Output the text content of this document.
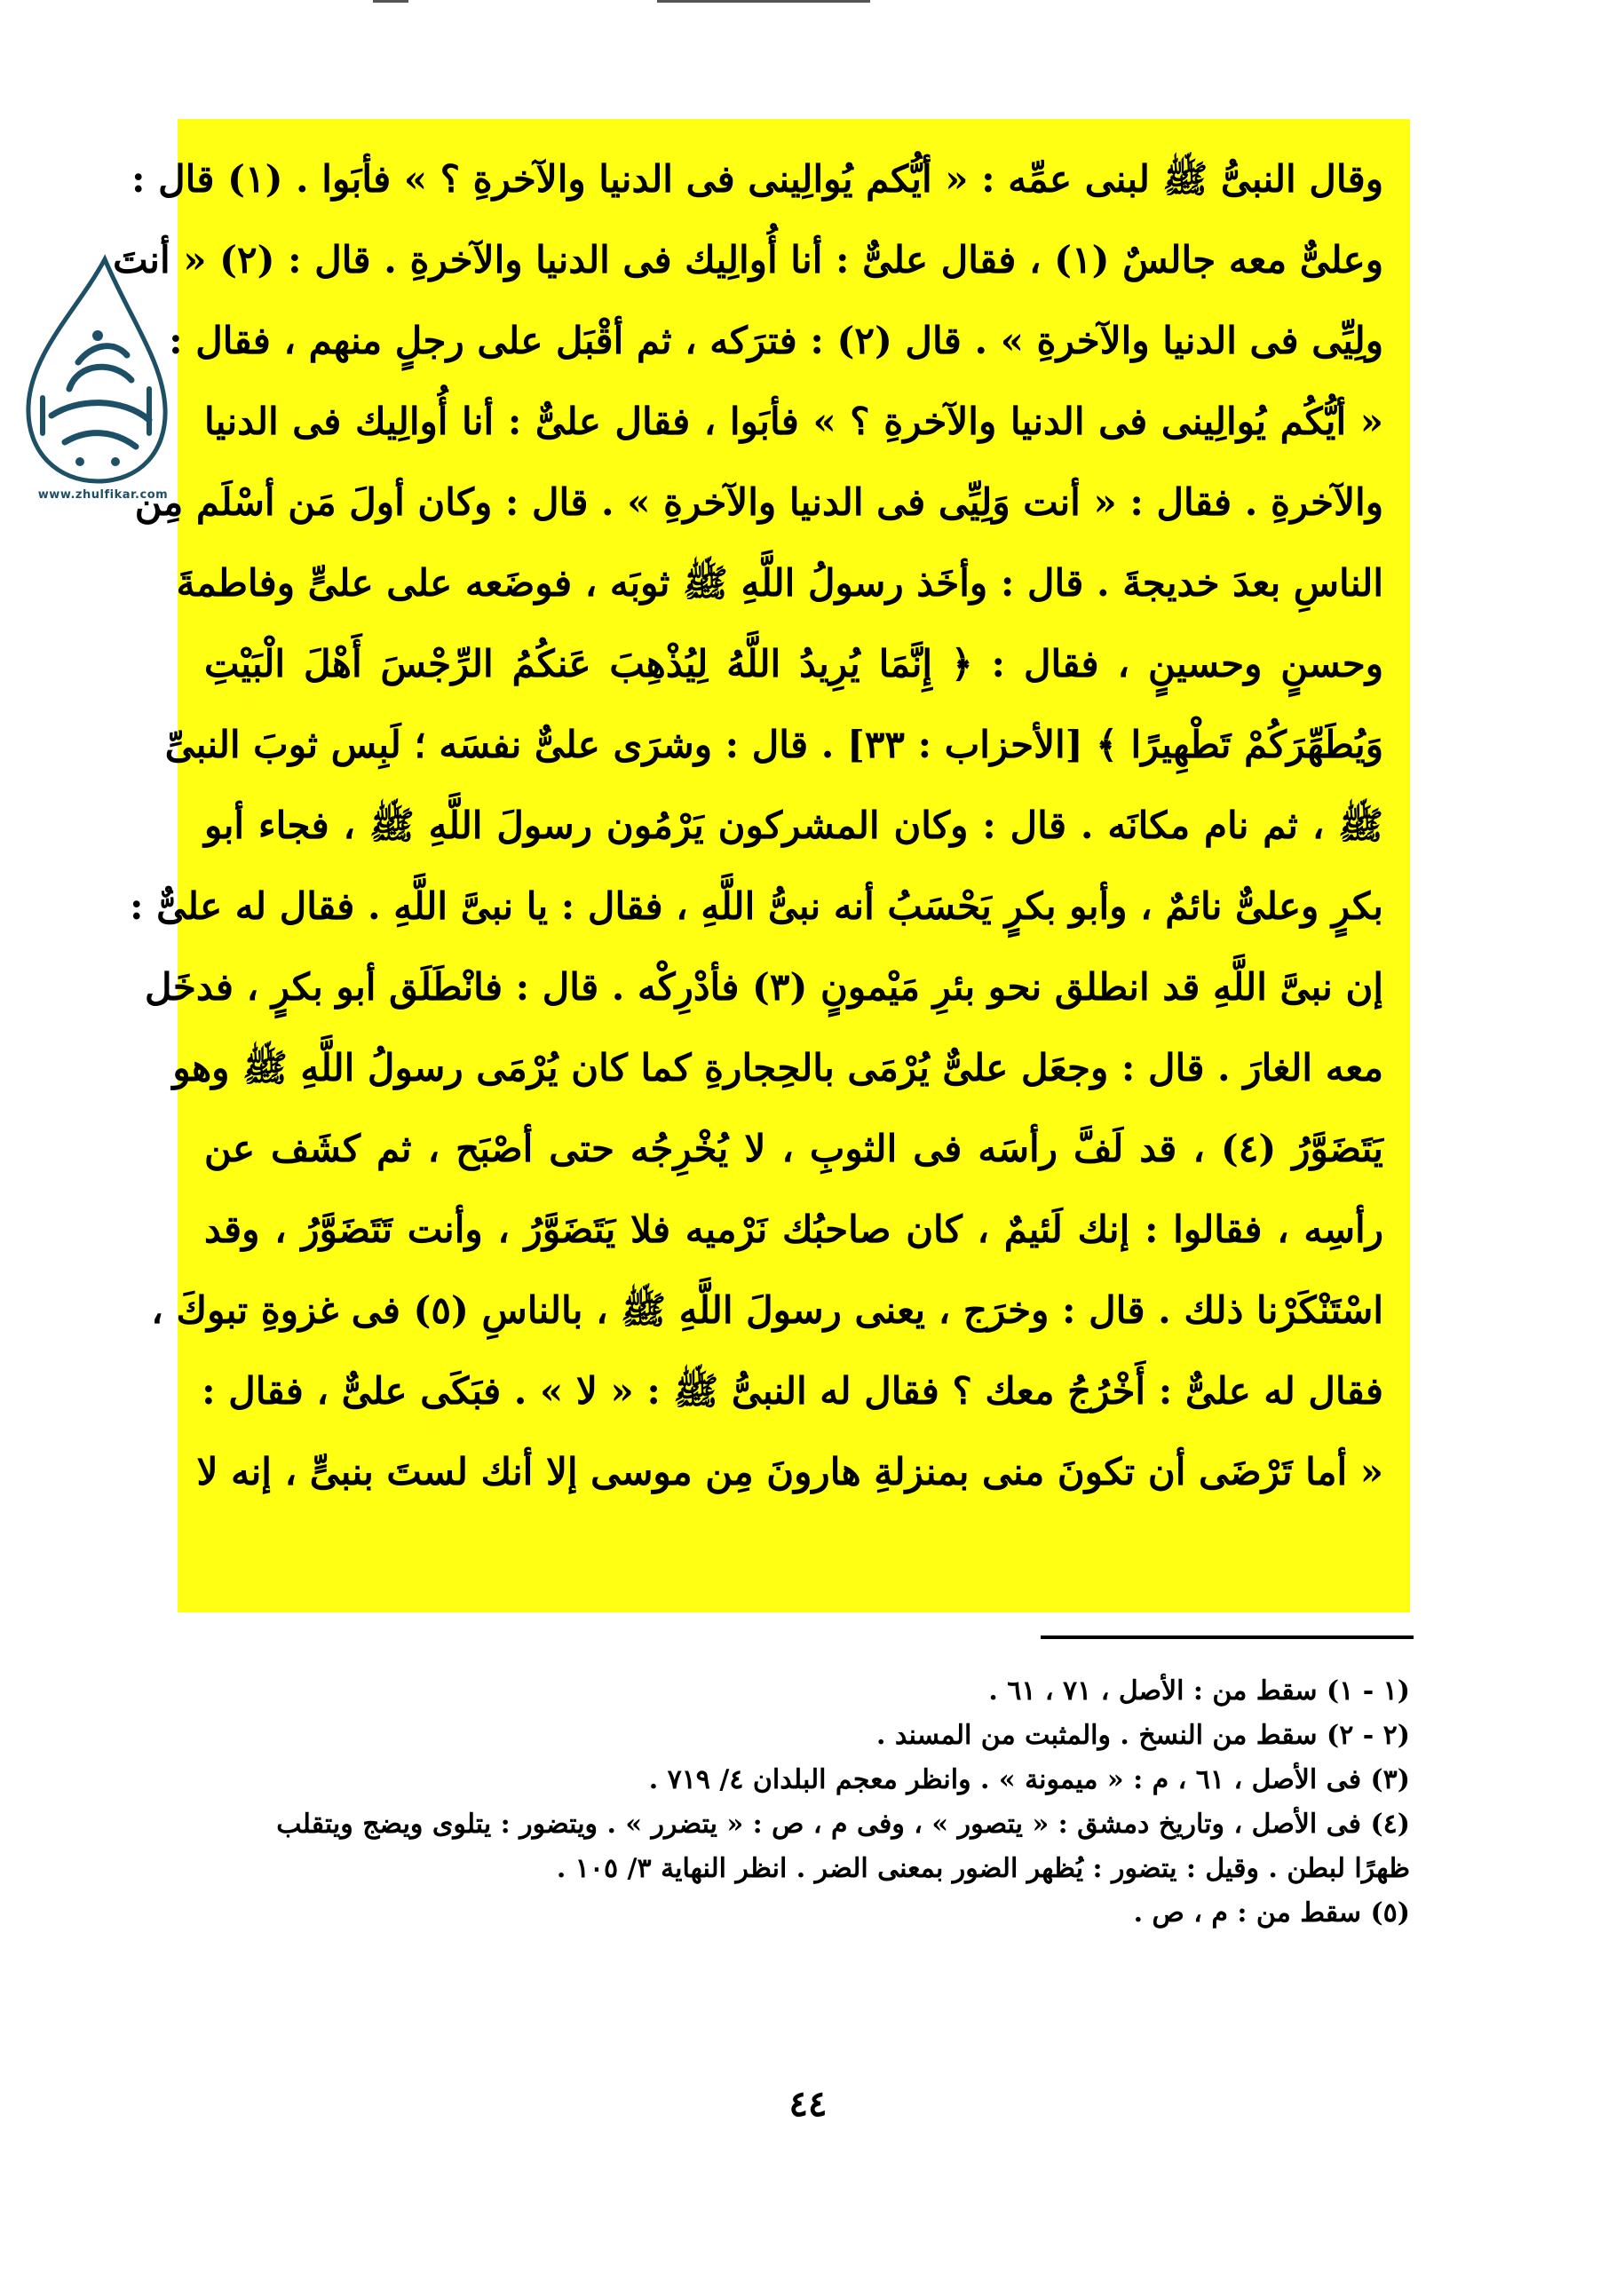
www.zhulfikar.com
وقال النبىُّ ﷺ لبنى عمِّه : « أيُّكم يُوالِينى فى الدنيا والآخرةِ ؟ » فأبَوا . (١) قال :
وعلىٌّ معه جالسٌ (١) ، فقال علىٌّ : أنا أُوالِيك فى الدنيا والآخرةِ . قال : (٢) « أنتَ
ولِيِّى فى الدنيا والآخرةِ » . قال (٢) : فترَكه ، ثم أقْبَل على رجلٍ منهم ، فقال :
« أيُّكُم يُوالِينى فى الدنيا والآخرةِ ؟ » فأبَوا ، فقال علىٌّ : أنا أُوالِيك فى الدنيا
والآخرةِ . فقال : « أنت وَلِيِّى فى الدنيا والآخرةِ » . قال : وكان أولَ مَن أسْلَم مِن
الناسِ بعدَ خديجةَ . قال : وأخَذ رسولُ اللَّهِ ﷺ ثوبَه ، فوضَعه على علىٍّ وفاطمةَ
وحسنٍ وحسينٍ ، فقال : ﴿ إِنَّمَا يُرِيدُ اللَّهُ لِيُذْهِبَ عَنكُمُ الرِّجْسَ أَهْلَ الْبَيْتِ
وَيُطَهِّرَكُمْ تَطْهِيرًا ﴾ [الأحزاب : ٣٣] . قال : وشرَى علىٌّ نفسَه ؛ لَبِس ثوبَ النبىِّ
ﷺ ، ثم نام مكانَه . قال : وكان المشركون يَرْمُون رسولَ اللَّهِ ﷺ ، فجاء أبو
بكرٍ وعلىٌّ نائمٌ ، وأبو بكرٍ يَحْسَبُ أنه نبىُّ اللَّهِ ، فقال : يا نبىَّ اللَّهِ . فقال له علىٌّ :
إن نبىَّ اللَّهِ قد انطلق نحو بئرِ مَيْمونٍ (٣) فأدْرِكْه . قال : فانْطَلَق أبو بكرٍ ، فدخَل
معه الغارَ . قال : وجعَل علىٌّ يُرْمَى بالحِجارةِ كما كان يُرْمَى رسولُ اللَّهِ ﷺ وهو
يَتَضَوَّرُ (٤) ، قد لَفَّ رأسَه فى الثوبِ ، لا يُخْرِجُه حتى أصْبَح ، ثم كشَف عن
رأسِه ، فقالوا : إنك لَئيمٌ ، كان صاحبُك نَرْميه فلا يَتَضَوَّرُ ، وأنت تَتَضَوَّرُ ، وقد
اسْتَنْكَرْنا ذلك . قال : وخرَج ، يعنى رسولَ اللَّهِ ﷺ ، بالناسِ (٥) فى غزوةِ تبوكَ ،
فقال له علىٌّ : أَخْرُجُ معك ؟ فقال له النبىُّ ﷺ : « لا » . فبَكَى علىٌّ ، فقال :
« أما تَرْضَى أن تكونَ منى بمنزلةِ هارونَ مِن موسى إلا أنك لستَ بنبىٍّ ، إنه لا
(١ - ١) سقط من : الأصل ، ٧١ ، ٦١ .
(٢ - ٢) سقط من النسخ . والمثبت من المسند .
(٣) فى الأصل ، ٦١ ، م : « ميمونة » . وانظر معجم البلدان ٤/ ٧١٩ .
(٤) فى الأصل ، وتاريخ دمشق : « يتصور » ، وفى م ، ص : « يتضرر » . ويتضور : يتلوى ويضج ويتقلب
ظهرًا لبطن . وقيل : يتضور : يُظهر الضور بمعنى الضر . انظر النهاية ٣/ ١٠٥ .
(٥) سقط من : م ، ص .
٤٤
